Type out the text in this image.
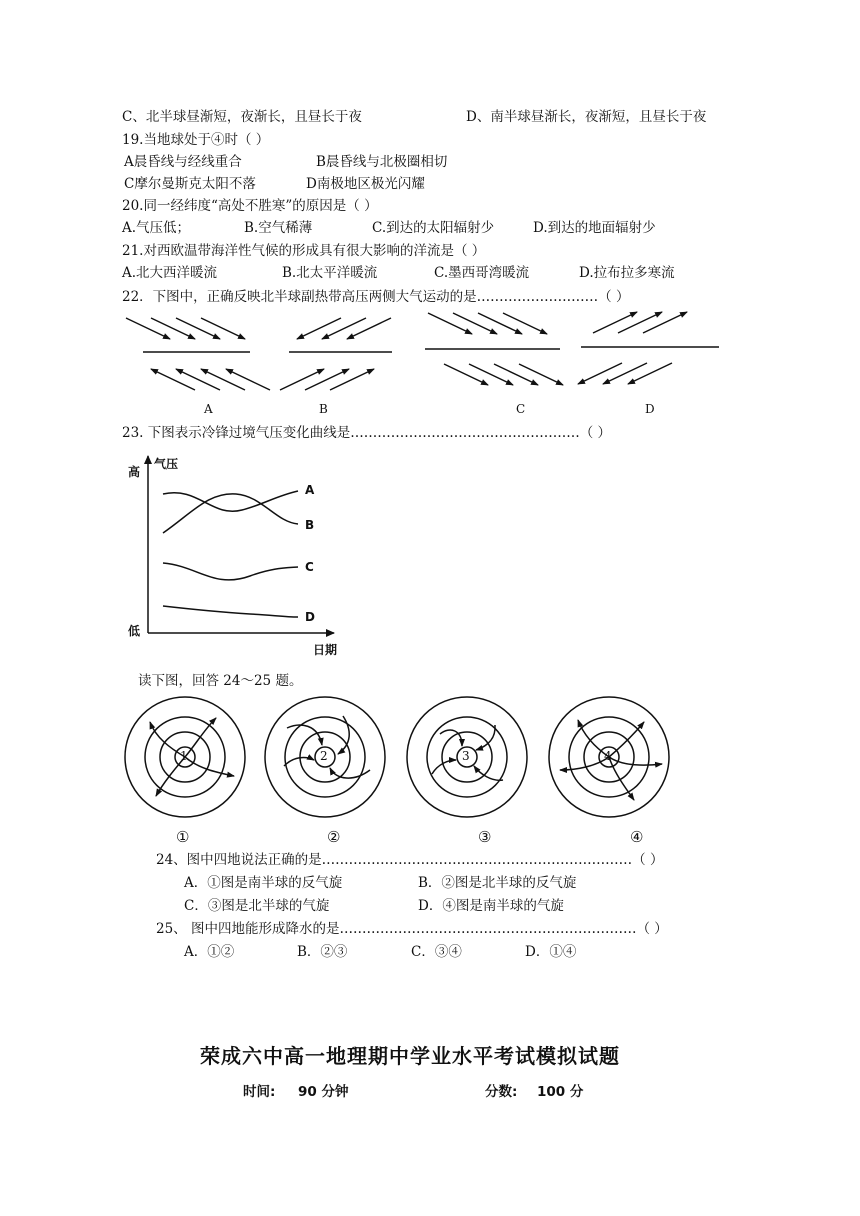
C、北半球昼渐短，夜渐长，且昼长于夜	D、南半球昼渐长，夜渐短，且昼长于夜
19.当地球处于④时（ ）
A晨昏线与经线重合	B晨昏线与北极圈相切
C摩尔曼斯克太阳不落	D南极地区极光闪耀
20.同一经纬度“高处不胜寒”的原因是（ ）
A.气压低；	B.空气稀薄	C.到达的太阳辐射少	D.到达的地面辐射少
21.对西欧温带海洋性气候的形成具有很大影响的洋流是（ ）
A.北大西洋暖流	B.北太平洋暖流	C.墨西哥湾暖流	D.拉布拉多寒流
22．下图中，正确反映北半球副热带高压两侧大气运动的是………………………（ ）
A	B	C	D
23. 下图表示冷锋过境气压变化曲线是……………………………………………（ ）
气压
高
低
日期
A
B
C
D
读下图，回答 24～25 题。
1	2	3	4
①	②	③	④
24、图中四地说法正确的是……………………………………………………………（ ）
A．①图是南半球的反气旋	B．②图是北半球的反气旋
C．③图是北半球的气旋	D．④图是南半球的气旋
25、 图中四地能形成降水的是…………………………………………………………（ ）
A．①②	B．②③	C．③④	D．①④
荣成六中高一地理期中学业水平考试模拟试题
时间: 90 分钟	分数: 100 分
